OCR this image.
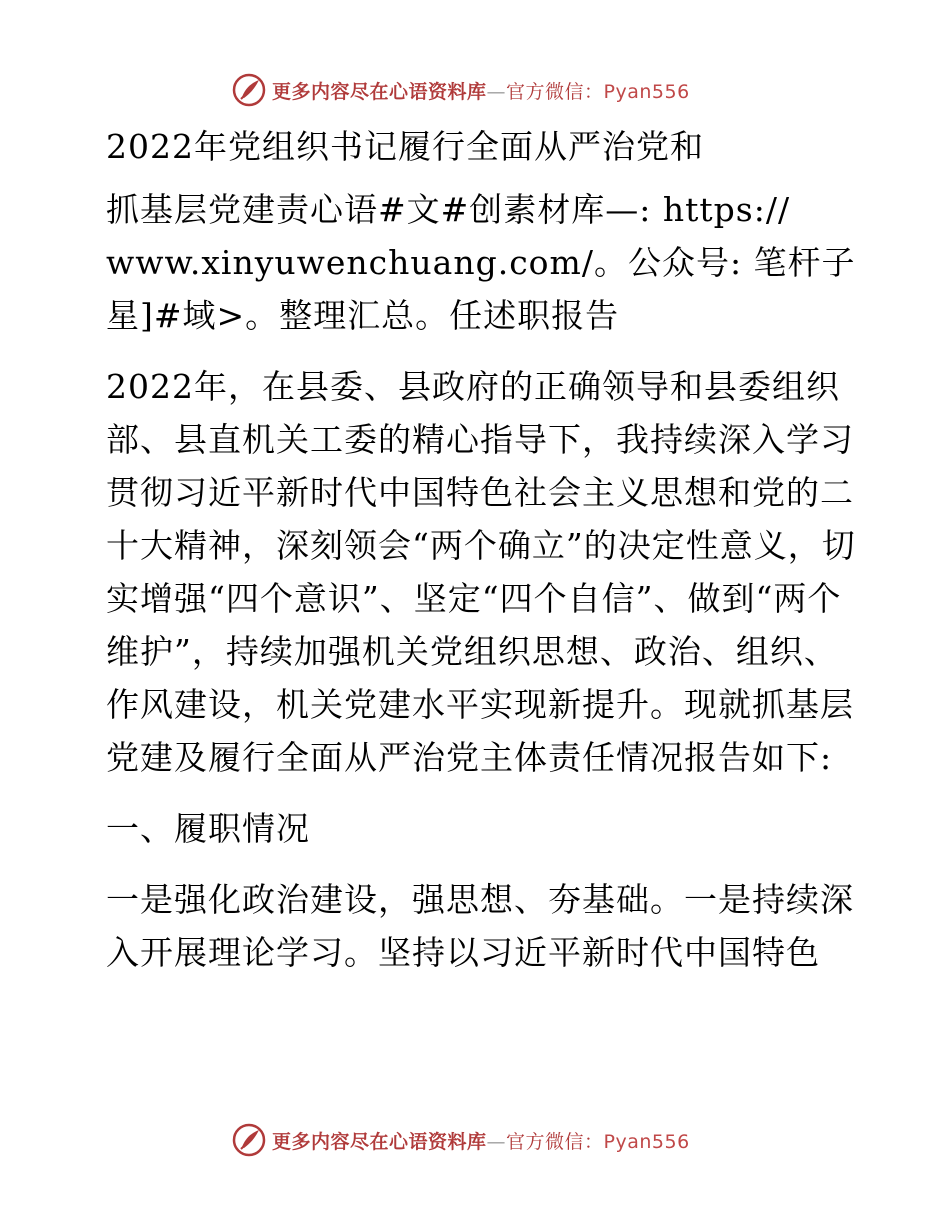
更多内容尽在心语资料库—官方微信：Pyan556

2022年党组织书记履行全面从严治党和

抓基层党建责心语#文#创素材库—: https:// www.xinyuwenchuang.com/。公众号: 笔杆子星]#域>。整理汇总。任述职报告

2022年，在县委、县政府的正确领导和县委组织部、县直机关工委的精心指导下，我持续深入学习贯彻习近平新时代中国特色社会主义思想和党的二十大精神，深刻领会“两个确立”的决定性意义，切实增强“四个意识”、坚定“四个自信”、做到“两个维护”，持续加强机关党组织思想、政治、组织、作风建设，机关党建水平实现新提升。现就抓基层党建及履行全面从严治党主体责任情况报告如下:

一、履职情况

一是强化政治建设，强思想、夯基础。一是持续深入开展理论学习。坚持以习近平新时代中国特色

更多内容尽在心语资料库—官方微信：Pyan556
